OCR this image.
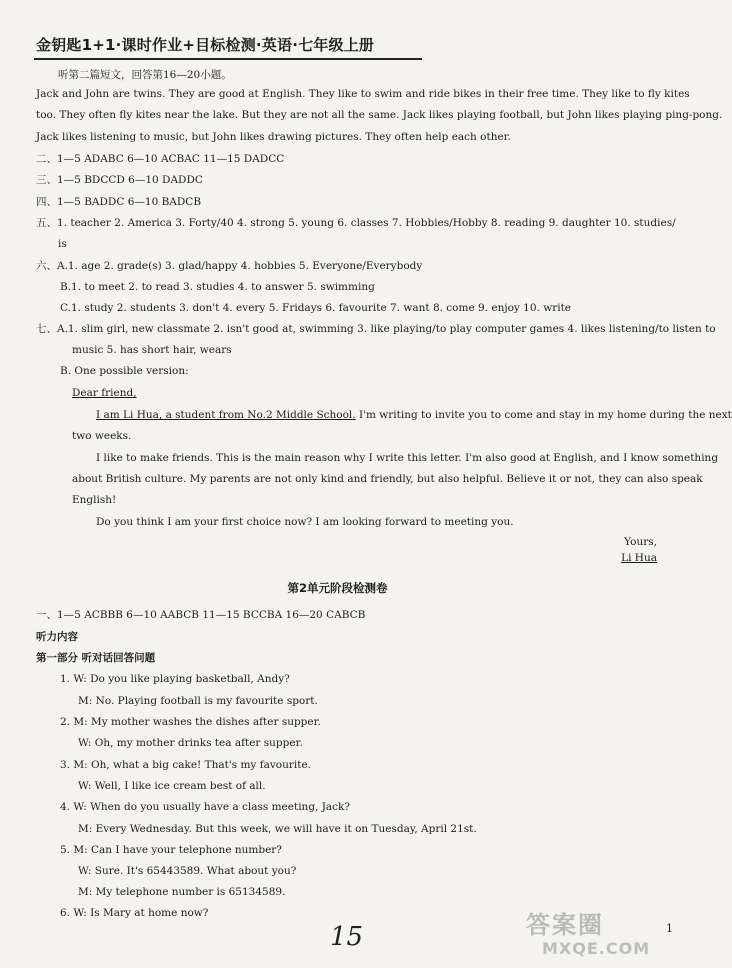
金钥匙1+1·课时作业+目标检测·英语·七年级上册
听第二篇短文，回答第16—20小题。
Jack and John are twins. They are good at English. They like to swim and ride bikes in their free time. They like to fly kites
too. They often fly kites near the lake. But they are not all the same. Jack likes playing football, but John likes playing ping-pong.
Jack likes listening to music, but John likes drawing pictures. They often help each other.
二、1—5 ADABC 6—10 ACBAC 11—15 DADCC
三、1—5 BDCCD 6—10 DADDC
四、1—5 BADDC 6—10 BADCB
五、1. teacher 2. America 3. Forty/40 4. strong 5. young 6. classes 7. Hobbies/Hobby 8. reading 9. daughter 10. studies/
is
六、A.1. age 2. grade(s) 3. glad/happy 4. hobbies 5. Everyone/Everybody
B.1. to meet 2. to read 3. studies 4. to answer 5. swimming
C.1. study 2. students 3. don't 4. every 5. Fridays 6. favourite 7. want 8. come 9. enjoy 10. write
七、A.1. slim girl, new classmate 2. isn't good at, swimming 3. like playing/to play computer games 4. likes listening/to listen to
music 5. has short hair, wears
B. One possible version:
Dear friend,
I am Li Hua, a student from No.2 Middle School. I'm writing to invite you to come and stay in my home during the next
two weeks.
I like to make friends. This is the main reason why I write this letter. I'm also good at English, and I know something
about British culture. My parents are not only kind and friendly, but also helpful. Believe it or not, they can also speak
English!
Do you think I am your first choice now? I am looking forward to meeting you.
Yours,
Li Hua
第2单元阶段检测卷
一、1—5 ACBBB 6—10 AABCB 11—15 BCCBA 16—20 CABCB
听力内容
第一部分 听对话回答问题
1. W: Do you like playing basketball, Andy?
M: No. Playing football is my favourite sport.
2. M: My mother washes the dishes after supper.
W: Oh, my mother drinks tea after supper.
3. M: Oh, what a big cake! That's my favourite.
W: Well, I like ice cream best of all.
4. W: When do you usually have a class meeting, Jack?
M: Every Wednesday. But this week, we will have it on Tuesday, April 21st.
5. M: Can I have your telephone number?
W: Sure. It's 65443589. What about you?
M: My telephone number is 65134589.
6. W: Is Mary at home now?
15	答案圈
MXQE.COM
1
